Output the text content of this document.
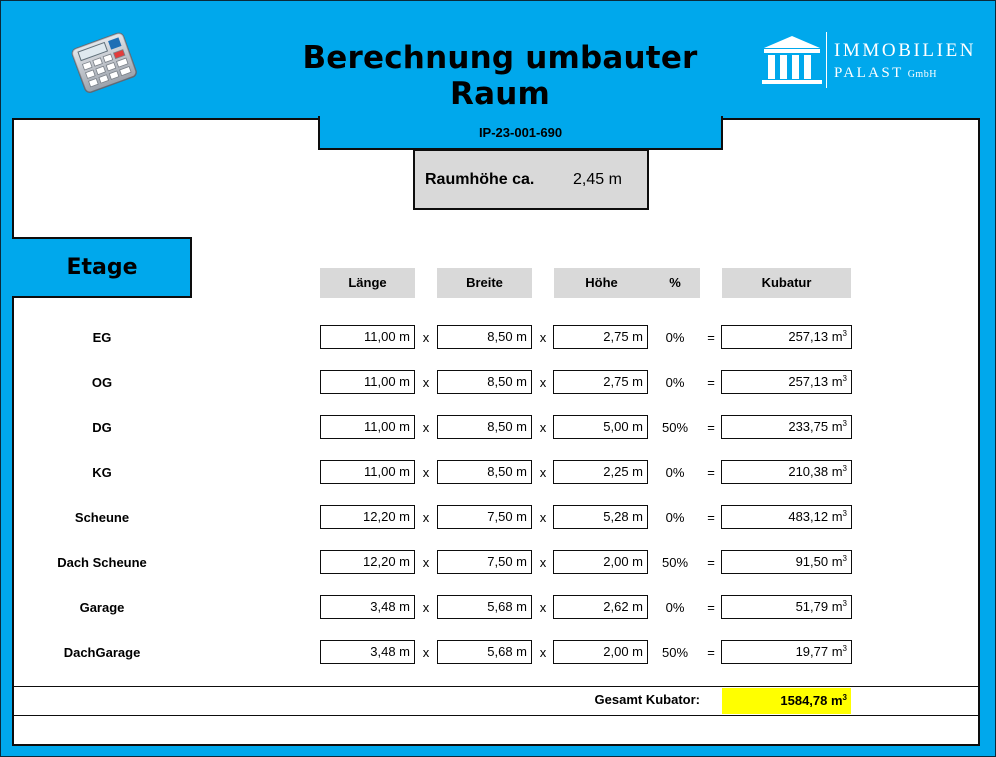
Berechnung umbauter Raum
IMMOBILIEN
PALAST GmbH
IP-23-001-690
Raumhöhe ca. 2,45 m
Etage
Länge	Breite	Höhe	%	Kubatur
EG	11,00 m x	8,50 m x	2,75 m	0%	=	257,13 $m^3$
OG	11,00 m x	8,50 m x	2,75 m	0%	=	257,13 $m^3$
DG	11,00 m x	8,50 m x	5,00 m	50%	=	233,75 $m^3$
KG	11,00 m x	8,50 m x	2,25 m	0%	=	210,38 $m^3$
Scheune	12,20 m x	7,50 m x	5,28 m	0%	=	483,12 $m^3$
Dach Scheune	12,20 m x	7,50 m x	2,00 m	50%	=	91,50 $m^3$
Garage	3,48 m x	5,68 m x	2,62 m	0%	=	51,79 $m^3$
DachGarage	3,48 m x	5,68 m x	2,00 m	50%	=	19,77 $m^3$
Gesamt Kubator:	1584,78 $m^3$
